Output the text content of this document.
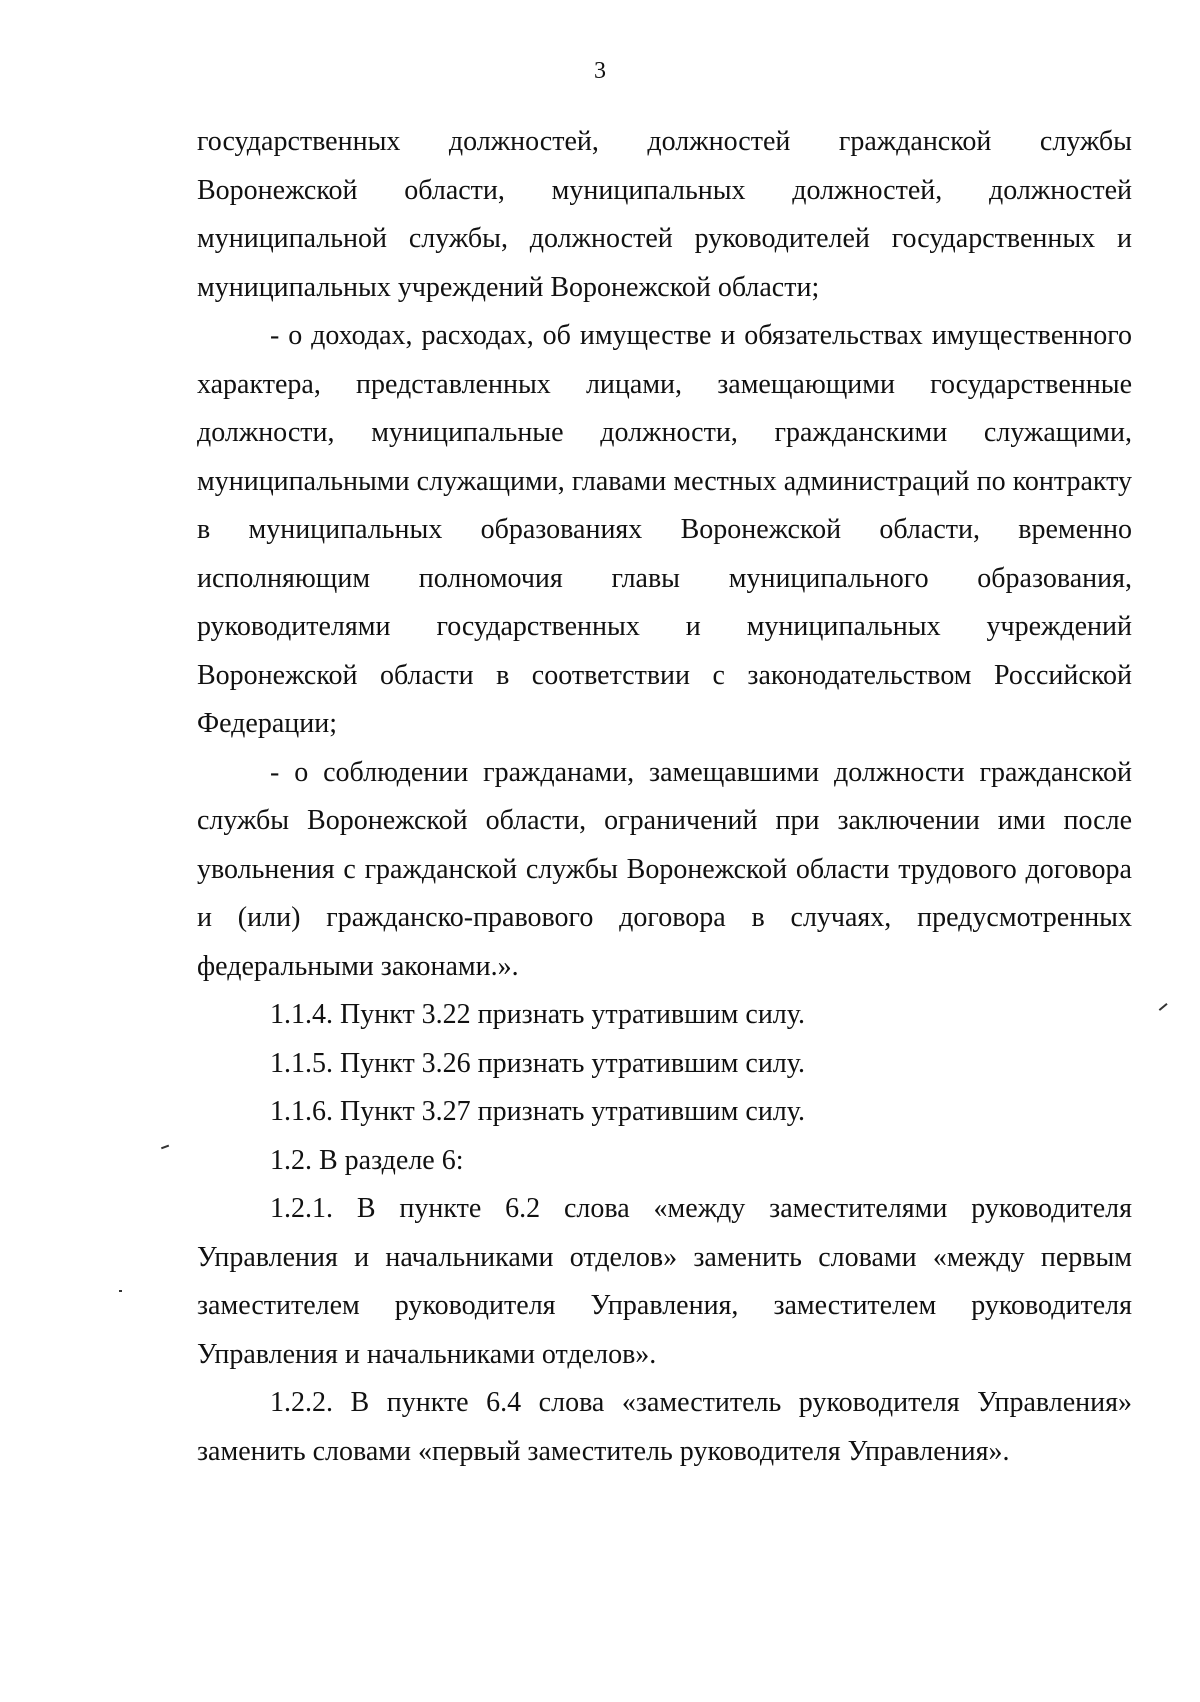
3

государственных должностей, должностей гражданской службы Воронежской области, муниципальных должностей, должностей муниципальной службы, должностей руководителей государственных и муниципальных учреждений Воронежской области;

- о доходах, расходах, об имуществе и обязательствах имущественного характера, представленных лицами, замещающими государственные должности, муниципальные должности, гражданскими служащими, муниципальными служащими, главами местных администраций по контракту в муниципальных образованиях Воронежской области, временно исполняющим полномочия главы муниципального образования, руководителями государственных и муниципальных учреждений Воронежской области в соответствии с законодательством Российской Федерации;

- о соблюдении гражданами, замещавшими должности гражданской службы Воронежской области, ограничений при заключении ими после увольнения с гражданской службы Воронежской области трудового договора и (или) гражданско-правового договора в случаях, предусмотренных федеральными законами.».

1.1.4. Пункт 3.22 признать утратившим силу.

1.1.5. Пункт 3.26 признать утратившим силу.

1.1.6. Пункт 3.27 признать утратившим силу.

1.2. В разделе 6:

1.2.1. В пункте 6.2 слова «между заместителями руководителя Управления и начальниками отделов» заменить словами «между первым заместителем руководителя Управления, заместителем руководителя Управления и начальниками отделов».

1.2.2. В пункте 6.4 слова «заместитель руководителя Управления» заменить словами «первый заместитель руководителя Управления».
